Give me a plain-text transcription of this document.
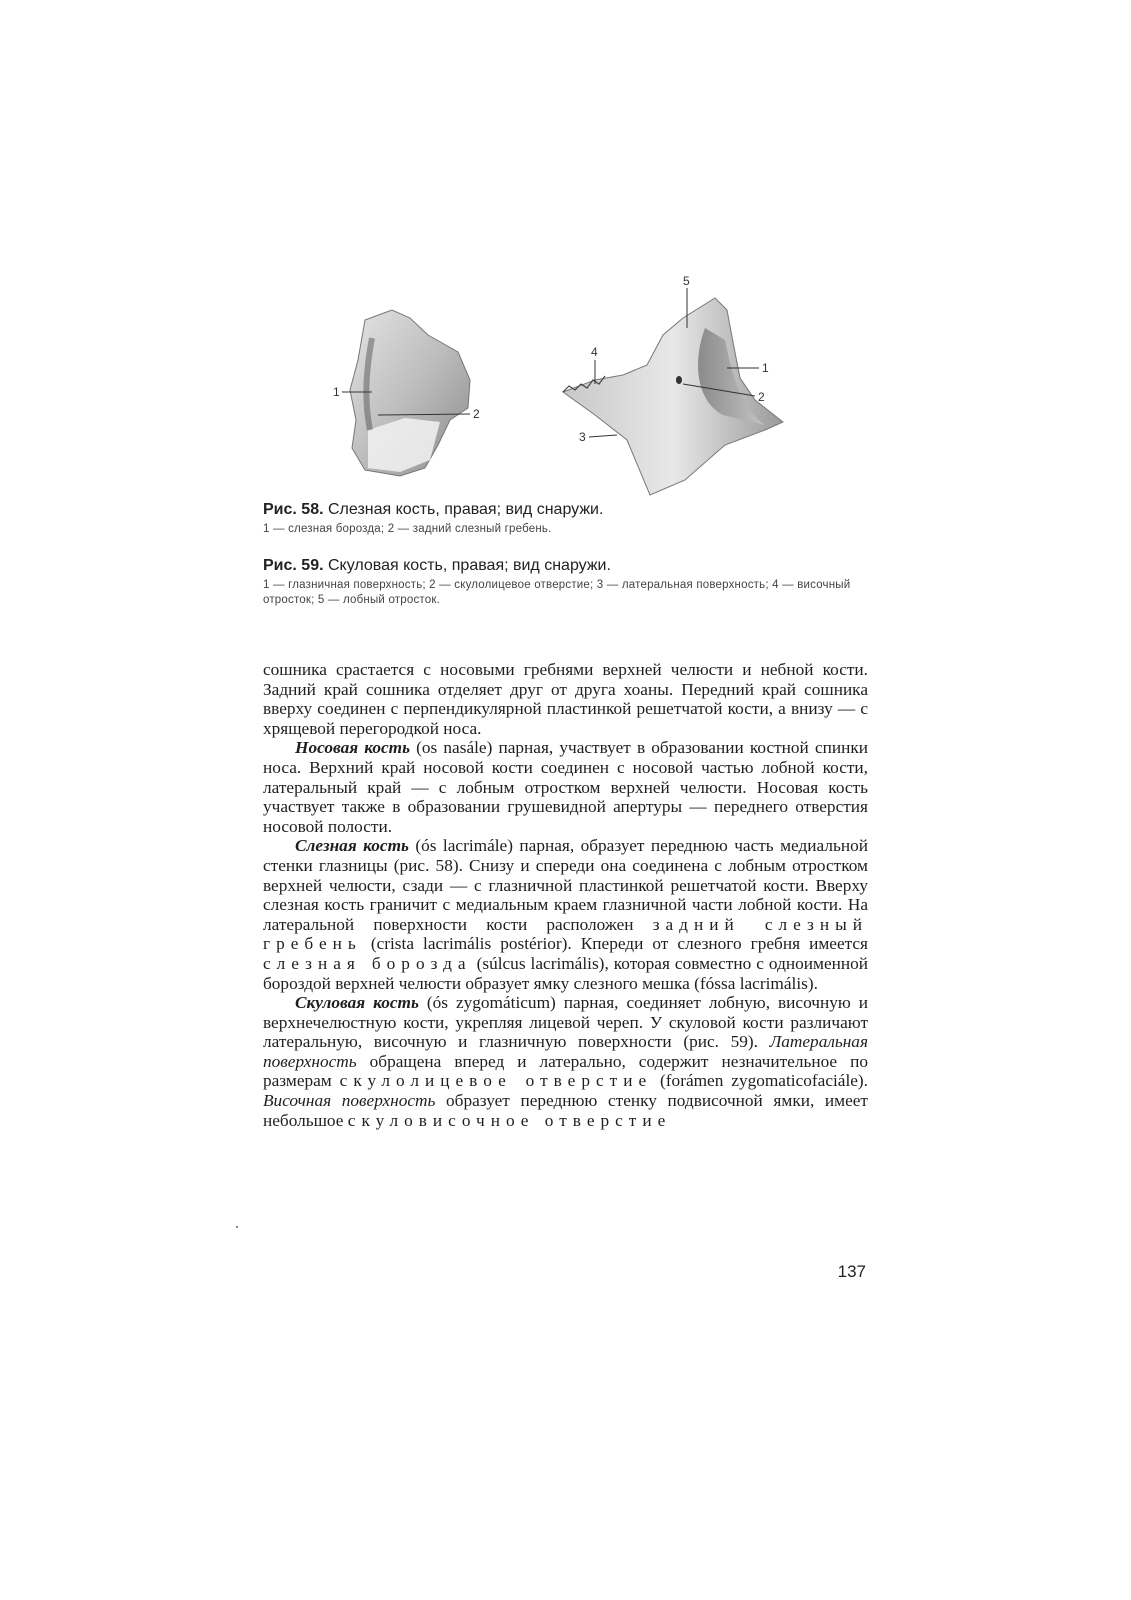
1
2
1
2
3
4
5

Рис. 58. Слезная кость, правая; вид снаружи.

1 — слезная борозда; 2 — задний слезный гребень.

Рис. 59. Скуловая кость, правая; вид снаружи.

1 — глазничная поверхность; 2 — скулолицевое отверстие; 3 — латеральная поверхность; 4 — височный отросток; 5 — лобный отросток.

сошника срастается с носовыми гребнями верхней челюсти и небной кости. Задний край сошника отделяет друг от друга хоаны. Передний край сошника вверху соединен с перпендикулярной пластинкой решетчатой кости, а внизу — с хрящевой перегородкой носа.

Носовая кость (os nasále) парная, участвует в образовании костной спинки носа. Верхний край носовой кости соединен с носовой частью лобной кости, латеральный край — с лобным отростком верхней челюсти. Носовая кость участвует также в образовании грушевидной апертуры — переднего отверстия носовой полости.

Слезная кость (ós lacrimále) парная, образует переднюю часть медиальной стенки глазницы (рис. 58). Снизу и спереди она соединена с лобным отростком верхней челюсти, сзади — с глазничной пластинкой решетчатой кости. Вверху слезная кость граничит с медиальным краем глазничной части лобной кости. На латеральной поверхности кости расположен задний слезный гребень (crista lacrimális postérior). Кпереди от слезного гребня имеется слезная борозда (súlcus lacrimális), которая совместно с одноименной бороздой верхней челюсти образует ямку слезного мешка (fóssa lacrimális).

Скуловая кость (ós zygomáticum) парная, соединяет лобную, височную и верхнечелюстную кости, укрепляя лицевой череп. У скуловой кости различают латеральную, височную и глазничную поверхности (рис. 59). Латеральная поверхность обращена вперед и латерально, содержит незначительное по размерам скулолицевое отверстие (forámen zygomaticofaciále). Височная поверхность образует переднюю стенку подвисочной ямки, имеет небольшое скуловисочное отверстие

137
